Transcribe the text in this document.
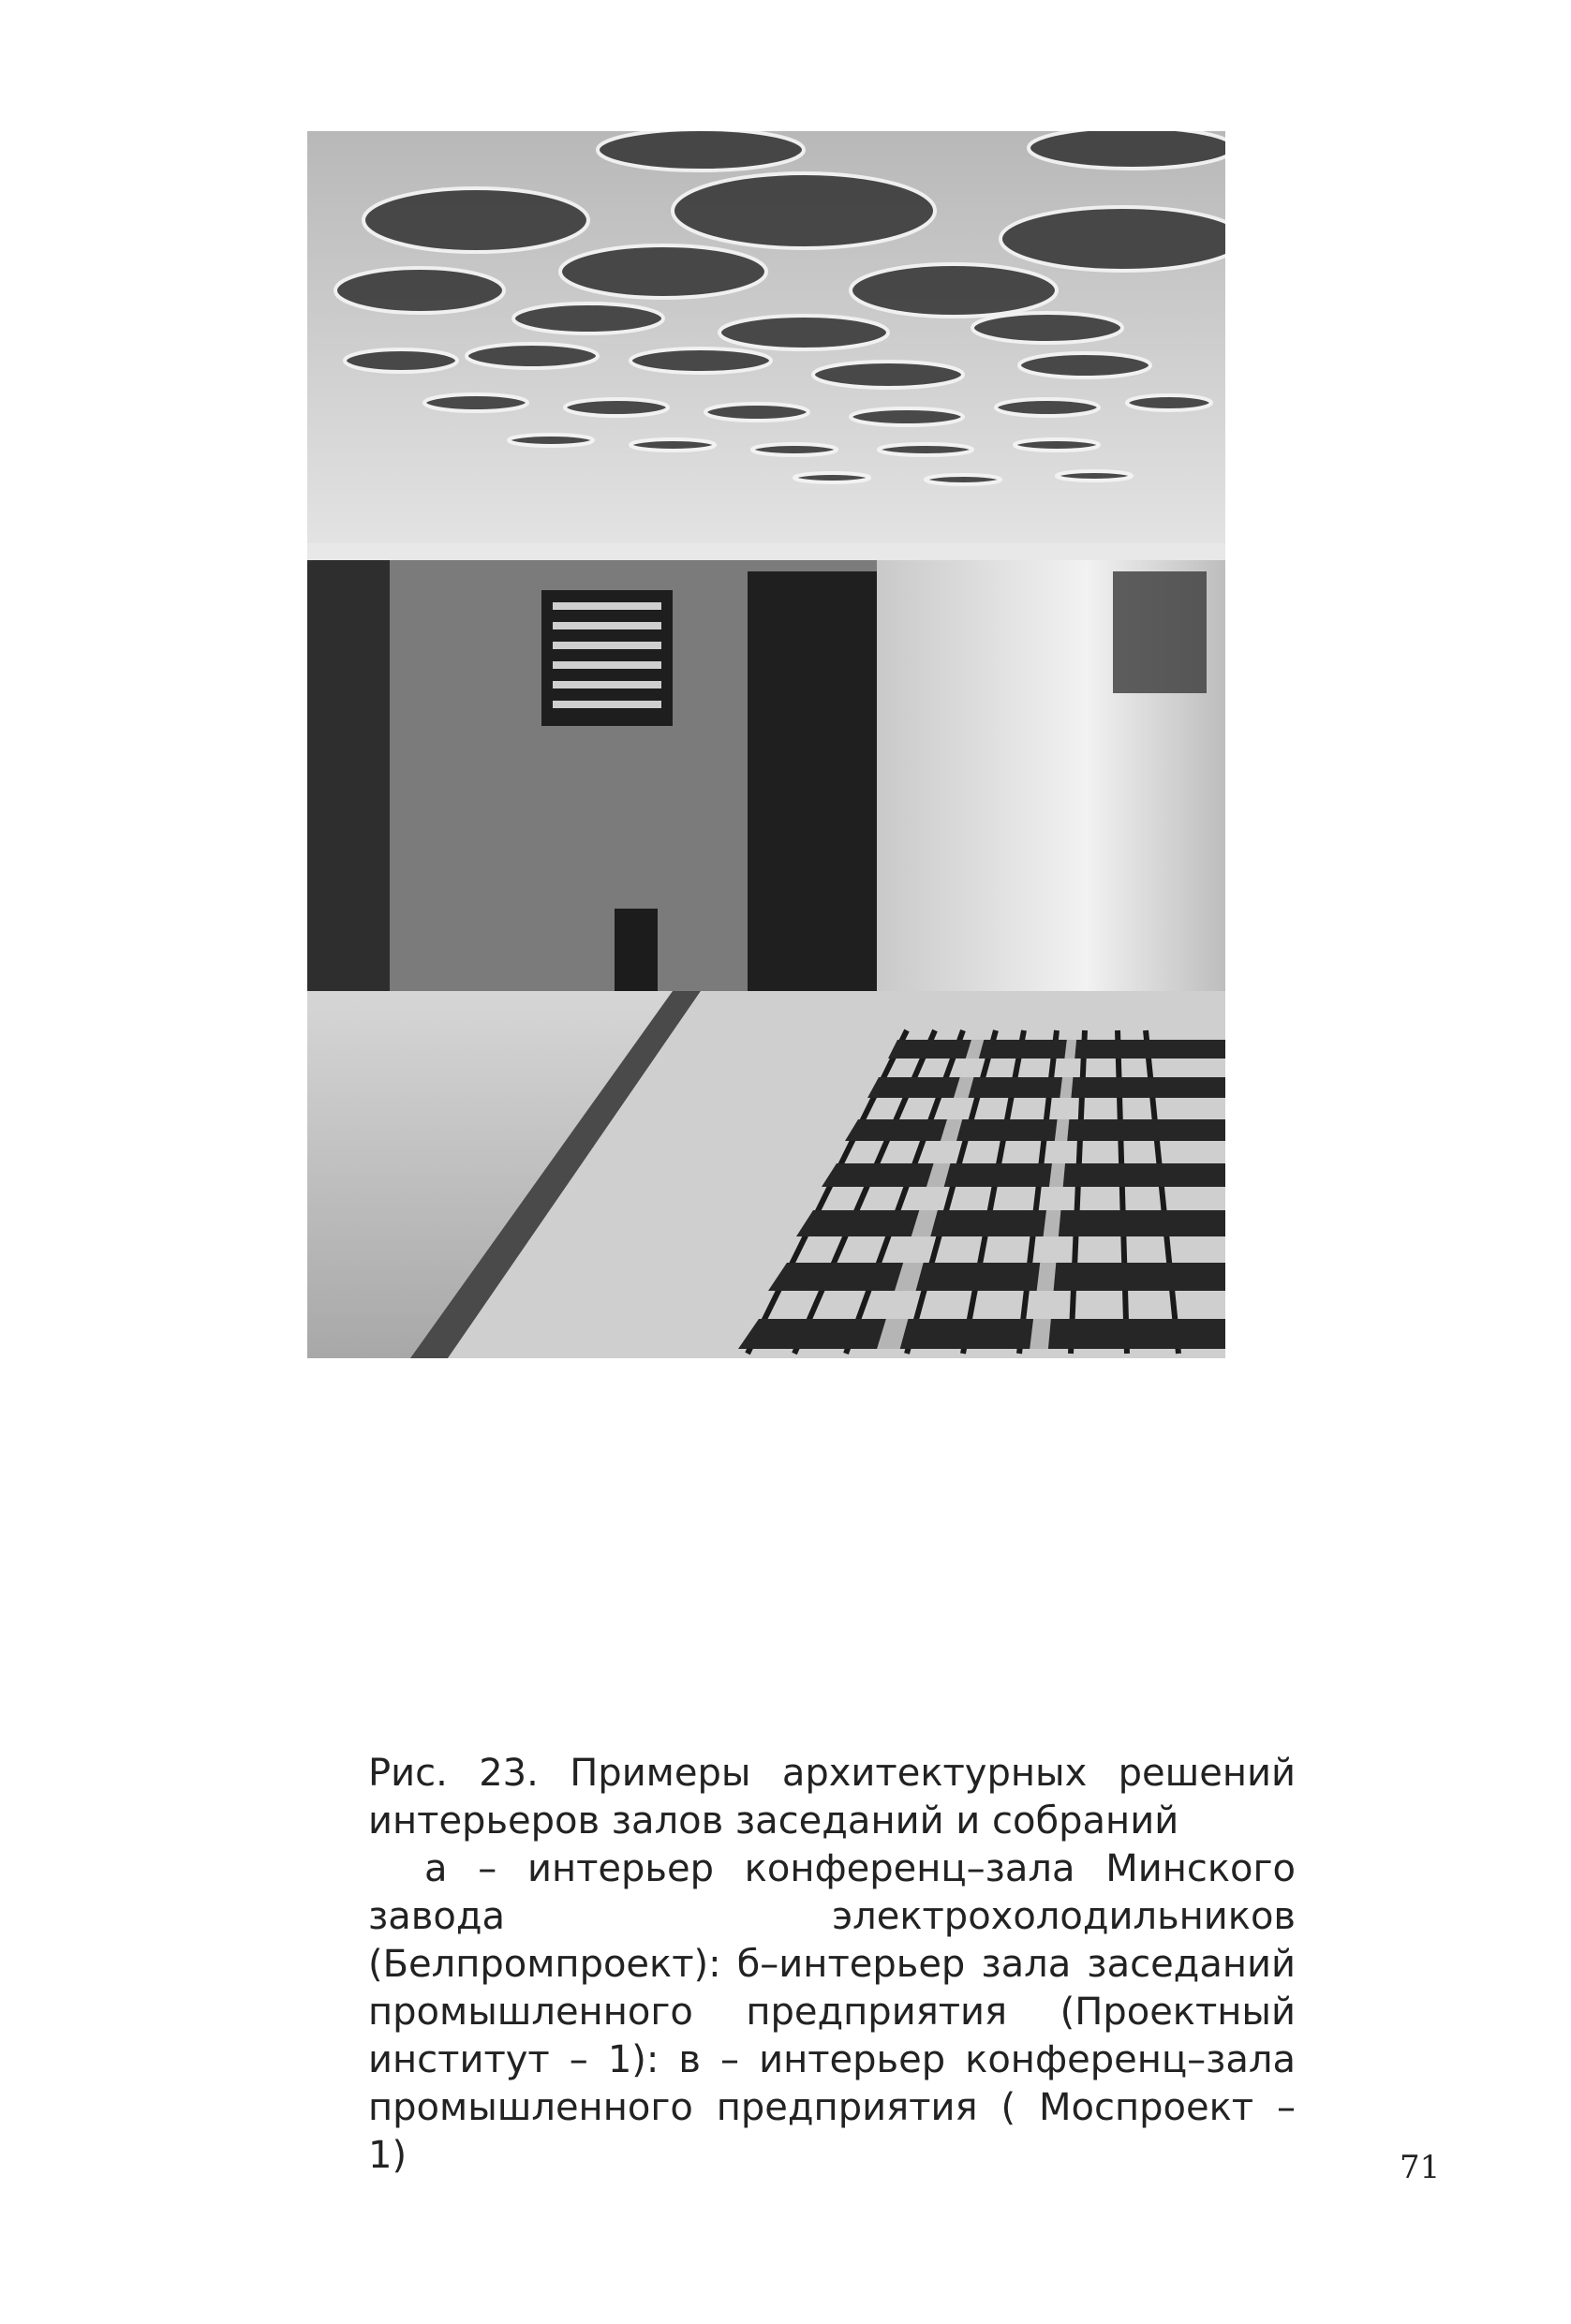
Рис. 23. Примеры архитектурных решений интерьеров залов заседаний и собраний

а – интерьер конференц–зала Минского завода электрохолодильников (Белпромпроект): б–интерьер зала заседаний промышленного предприятия (Проектный институт – 1): в – интерьер конференц–зала промышленного предприятия ( Моспроект – 1)	71
